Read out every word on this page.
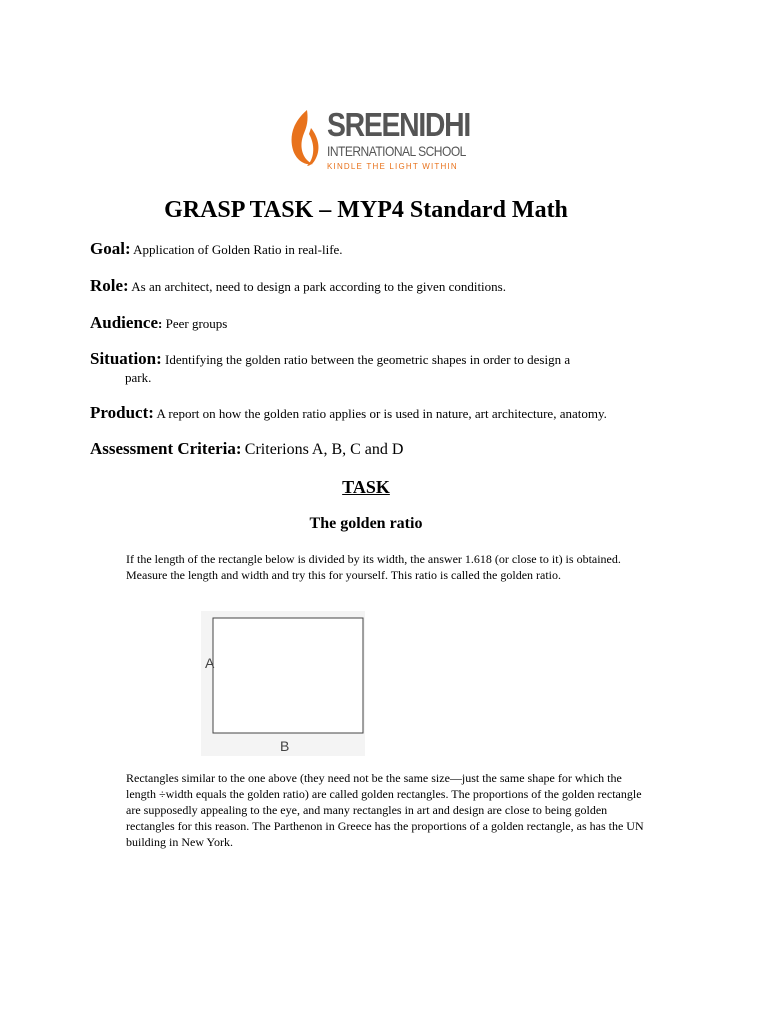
SREENIDHI
INTERNATIONAL SCHOOL
KINDLE THE LIGHT WITHIN
GRASP TASK – MYP4 Standard Math
Goal: Application of Golden Ratio in real-life.
Role: As an architect, need to design a park according to the given conditions.
Audience: Peer groups
Situation: Identifying the golden ratio between the geometric shapes in order to design a
park.
Product: A report on how the golden ratio applies or is used in nature, art architecture, anatomy.
Assessment Criteria: Criterions A, B, C and D
TASK
The golden ratio
If the length of the rectangle below is divided by its width, the answer 1.618 (or close to it) is obtained. Measure the length and width and try this for yourself. This ratio is called the golden ratio.
A
B
Rectangles similar to the one above (they need not be the same size—just the same shape for which the length ÷width equals the golden ratio) are called golden rectangles. The proportions of the golden rectangle are supposedly appealing to the eye, and many rectangles in art and design are close to being golden rectangles for this reason. The Parthenon in Greece has the proportions of a golden rectangle, as has the UN building in New York.
